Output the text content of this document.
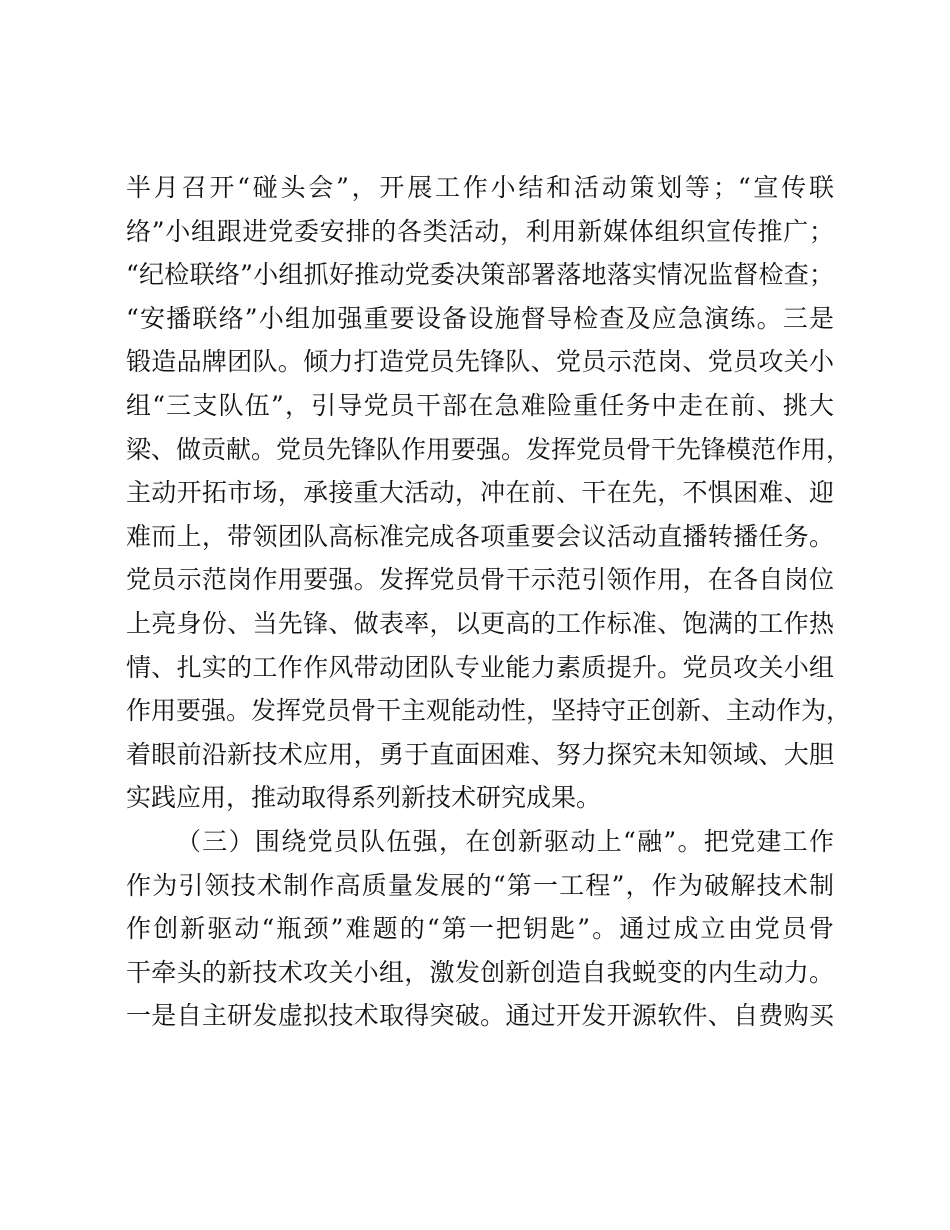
半月召开“碰头会”，开展工作小结和活动策划等；“宣传联
络”小组跟进党委安排的各类活动，利用新媒体组织宣传推广；
“纪检联络”小组抓好推动党委决策部署落地落实情况监督检查；
“安播联络”小组加强重要设备设施督导检查及应急演练。三是
锻造品牌团队。倾力打造党员先锋队、党员示范岗、党员攻关小
组“三支队伍”，引导党员干部在急难险重任务中走在前、挑大
梁、做贡献。党员先锋队作用要强。发挥党员骨干先锋模范作用，
主动开拓市场，承接重大活动，冲在前、干在先，不惧困难、迎
难而上，带领团队高标准完成各项重要会议活动直播转播任务。
党员示范岗作用要强。发挥党员骨干示范引领作用，在各自岗位
上亮身份、当先锋、做表率，以更高的工作标准、饱满的工作热
情、扎实的工作作风带动团队专业能力素质提升。党员攻关小组
作用要强。发挥党员骨干主观能动性，坚持守正创新、主动作为，
着眼前沿新技术应用，勇于直面困难、努力探究未知领域、大胆
实践应用，推动取得系列新技术研究成果。
（三）围绕党员队伍强，在创新驱动上“融”。把党建工作
作为引领技术制作高质量发展的“第一工程”，作为破解技术制
作创新驱动“瓶颈”难题的“第一把钥匙”。通过成立由党员骨
干牵头的新技术攻关小组，激发创新创造自我蜕变的内生动力。
一是自主研发虚拟技术取得突破。通过开发开源软件、自费购买
